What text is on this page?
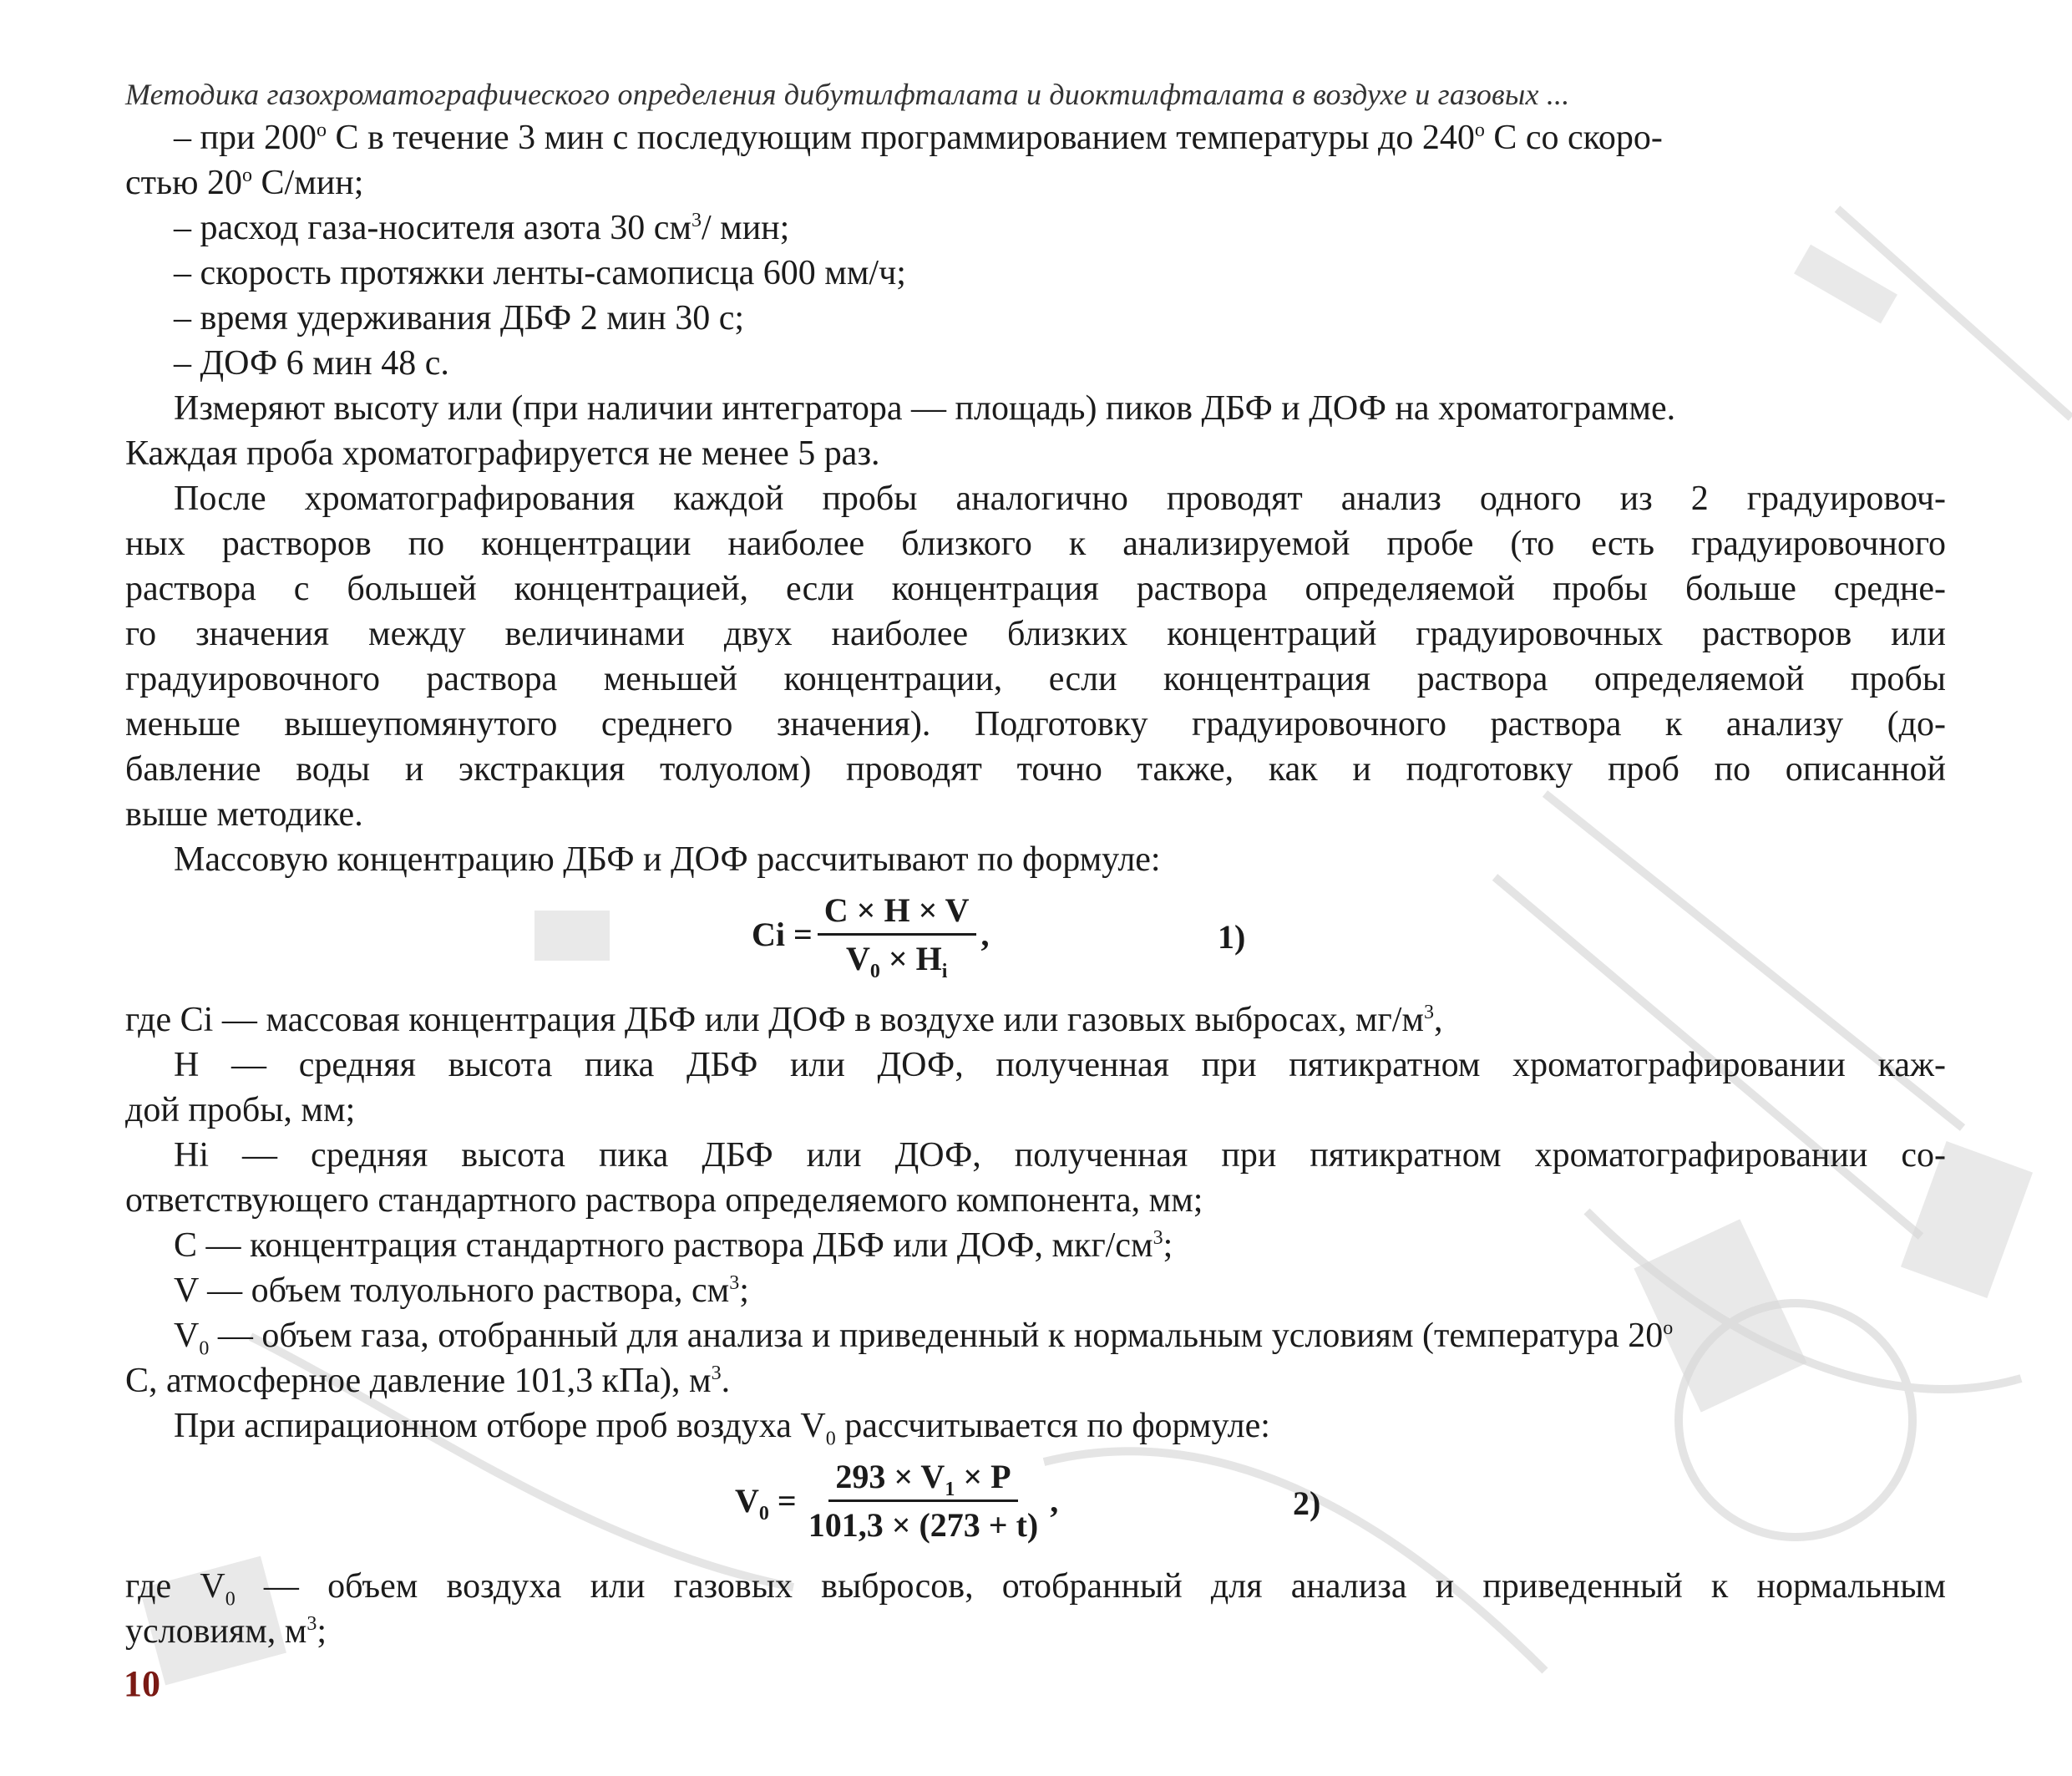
Методика газохроматографического определения дибутилфталата и диоктилфталата в воздухе и газовых ...

– при 200$^o$ С в течение 3 мин с последующим программированием температуры до 240$^o$ С со скоро-

стью 20$^o$ С/мин;

– расход газа-носителя азота 30 $см^3/$ мин;

– скорость протяжки ленты-самописца 600 мм/ч;

– время удерживания ДБФ 2 мин 30 с;

– ДОФ 6 мин 48 с.

Измеряют высоту или (при наличии интегратора — площадь) пиков ДБФ и ДОФ на хроматограмме.

Каждая проба хроматографируется не менее 5 раз.

После хроматографирования каждой пробы аналогично проводят анализ одного из 2 градуировоч-

ных растворов по концентрации наиболее близкого к анализируемой пробе (то есть градуировочного

раствора с большей концентрацией, если концентрация раствора определяемой пробы больше средне-

го значения между величинами двух наиболее близких концентраций градуировочных растворов или

градуировочного раствора меньшей концентрации, если концентрация раствора определяемой пробы

меньше вышеупомянутого среднего значения). Подготовку градуировочного раствора к анализу (до-

бавление воды и экстракция толуолом) проводят точно также, как и подготовку проб по описанной

выше методике.

Массовую концентрацию ДБФ и ДОФ рассчитывают по формуле:

$Ci = \frac{C \times H \times V}{V_0 \times H_i}$ ,	1)

где Ci — массовая концентрация ДБФ или ДОФ в воздухе или газовых выбросах, $мг/м^3$,

Н — средняя высота пика ДБФ или ДОФ, полученная при пятикратном хроматографировании каж-

дой пробы, мм;

Hi — средняя высота пика ДБФ или ДОФ, полученная при пятикратном хроматографировании со-

ответствующего стандартного раствора определяемого компонента, мм;

С — концентрация стандартного раствора ДБФ или ДОФ, мкг/$см^3$;

V — объем толуольного раствора, $см^3$;

$V_0$ — объем газа, отобранный для анализа и приведенный к нормальным условиям (температура 20$^o$

С, атмосферное давление 101,3 кПа), $м^3$.

При аспирационном отборе проб воздуха $V_0$ рассчитывается по формуле:

$V_0 = \frac{293 \times V_1 \times P}{101,3 \times (273 + t)}$ ,	2)

где $V_0$ — объем воздуха или газовых выбросов, отобранный для анализа и приведенный к нормальным

условиям, $м^3$;

10
